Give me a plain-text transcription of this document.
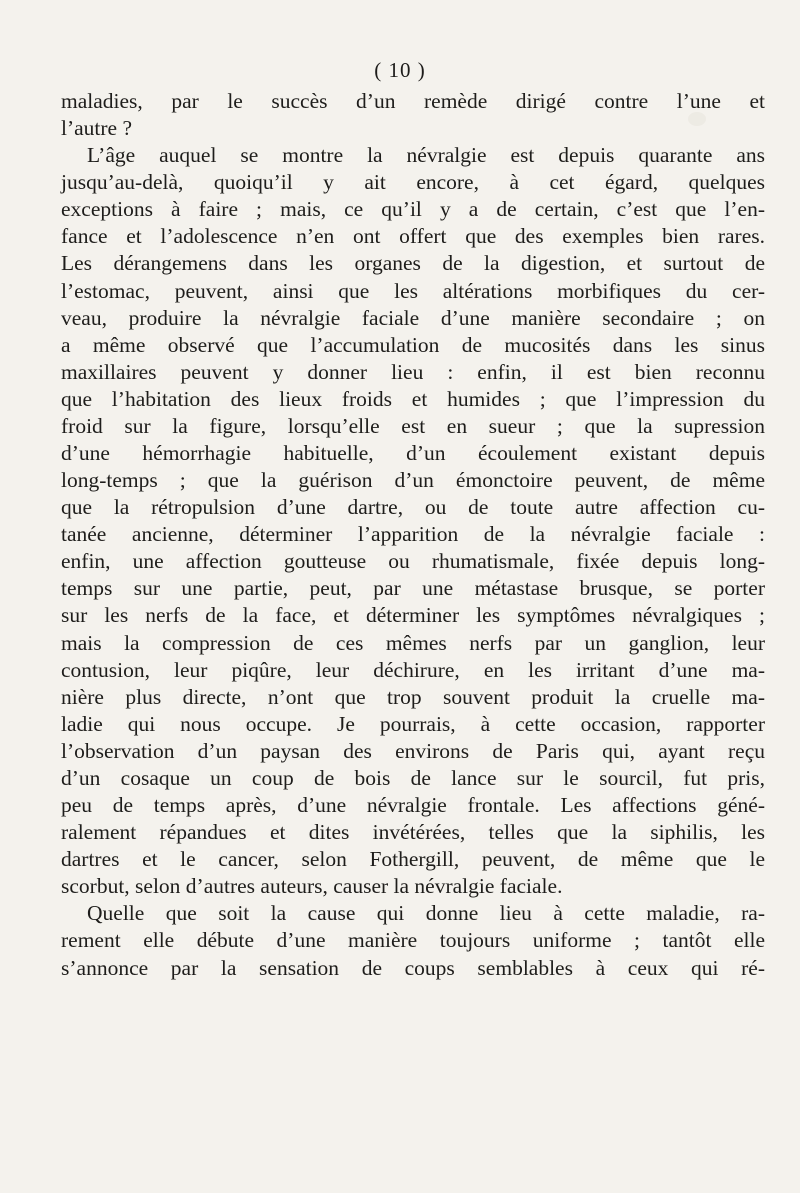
( 10 )
maladies, par le succès d’un remède dirigé contre l’une et
l’autre ?
L’âge auquel se montre la névralgie est depuis quarante ans
jusqu’au-delà, quoiqu’il y ait encore, à cet égard, quelques
exceptions à faire ; mais, ce qu’il y a de certain, c’est que l’en-
fance et l’adolescence n’en ont offert que des exemples bien rares.
Les dérangemens dans les organes de la digestion, et surtout de
l’estomac, peuvent, ainsi que les altérations morbifiques du cer-
veau, produire la névralgie faciale d’une manière secondaire ; on
a même observé que l’accumulation de mucosités dans les sinus
maxillaires peuvent y donner lieu : enfin, il est bien reconnu
que l’habitation des lieux froids et humides ; que l’impression du
froid sur la figure, lorsqu’elle est en sueur ; que la supression
d’une hémorrhagie habituelle, d’un écoulement existant depuis
long-temps ; que la guérison d’un émonctoire peuvent, de même
que la rétropulsion d’une dartre, ou de toute autre affection cu-
tanée ancienne, déterminer l’apparition de la névralgie faciale :
enfin, une affection goutteuse ou rhumatismale, fixée depuis long-
temps sur une partie, peut, par une métastase brusque, se porter
sur les nerfs de la face, et déterminer les symptômes névralgiques ;
mais la compression de ces mêmes nerfs par un ganglion, leur
contusion, leur piqûre, leur déchirure, en les irritant d’une ma-
nière plus directe, n’ont que trop souvent produit la cruelle ma-
ladie qui nous occupe. Je pourrais, à cette occasion, rapporter
l’observation d’un paysan des environs de Paris qui, ayant reçu
d’un cosaque un coup de bois de lance sur le sourcil, fut pris,
peu de temps après, d’une névralgie frontale. Les affections géné-
ralement répandues et dites invétérées, telles que la siphilis, les
dartres et le cancer, selon Fothergill, peuvent, de même que le
scorbut, selon d’autres auteurs, causer la névralgie faciale.
Quelle que soit la cause qui donne lieu à cette maladie, ra-
rement elle débute d’une manière toujours uniforme ; tantôt elle
s’annonce par la sensation de coups semblables à ceux qui ré-
